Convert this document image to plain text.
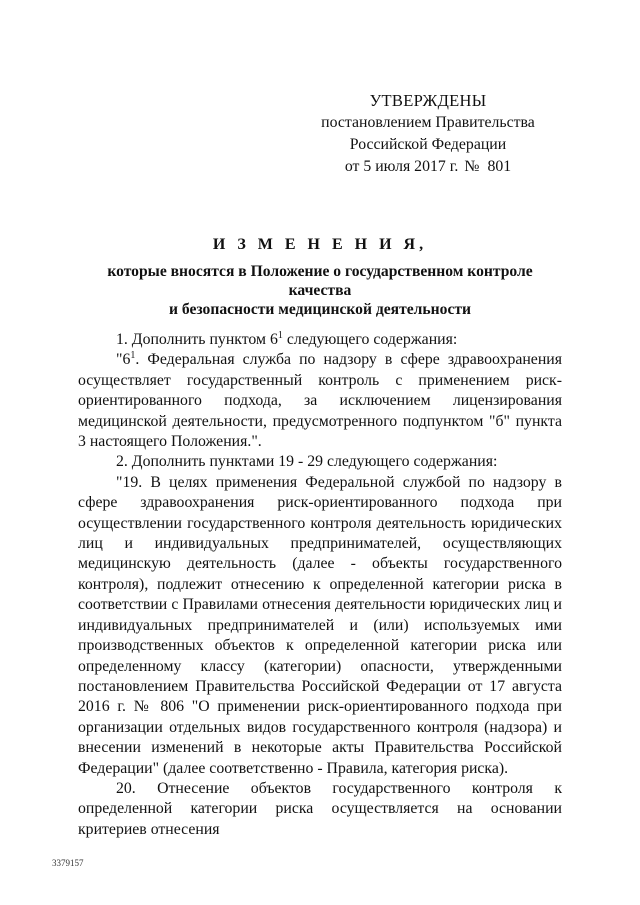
УТВЕРЖДЕНЫ
постановлением Правительства
Российской Федерации
от 5 июля 2017 г. № 801
И З М Е Н Е Н И Я,
которые вносятся в Положение о государственном контроле качества
и безопасности медицинской деятельности

1. Дополнить пунктом $6^1$ следующего содержания:

"$6^1$. Федеральная служба по надзору в сфере здравоохранения осуществляет государственный контроль с применением риск-ориентированного подхода, за исключением лицензирования медицинской деятельности, предусмотренного подпунктом "б" пункта 3 настоящего Положения.".

2. Дополнить пунктами 19 - 29 следующего содержания:

"19. В целях применения Федеральной службой по надзору в сфере здравоохранения риск-ориентированного подхода при осуществлении государственного контроля деятельность юридических лиц и индивидуальных предпринимателей, осуществляющих медицинскую деятельность (далее - объекты государственного контроля), подлежит отнесению к определенной категории риска в соответствии с Правилами отнесения деятельности юридических лиц и индивидуальных предпринимателей и (или) используемых ими производственных объектов к определенной категории риска или определенному классу (категории) опасности, утвержденными постановлением Правительства Российской Федерации от 17 августа 2016 г. № 806 "О применении риск-ориентированного подхода при организации отдельных видов государственного контроля (надзора) и внесении изменений в некоторые акты Правительства Российской Федерации" (далее соответственно - Правила, категория риска).

20. Отнесение объектов государственного контроля к определенной категории риска осуществляется на основании критериев отнесения

3379157
